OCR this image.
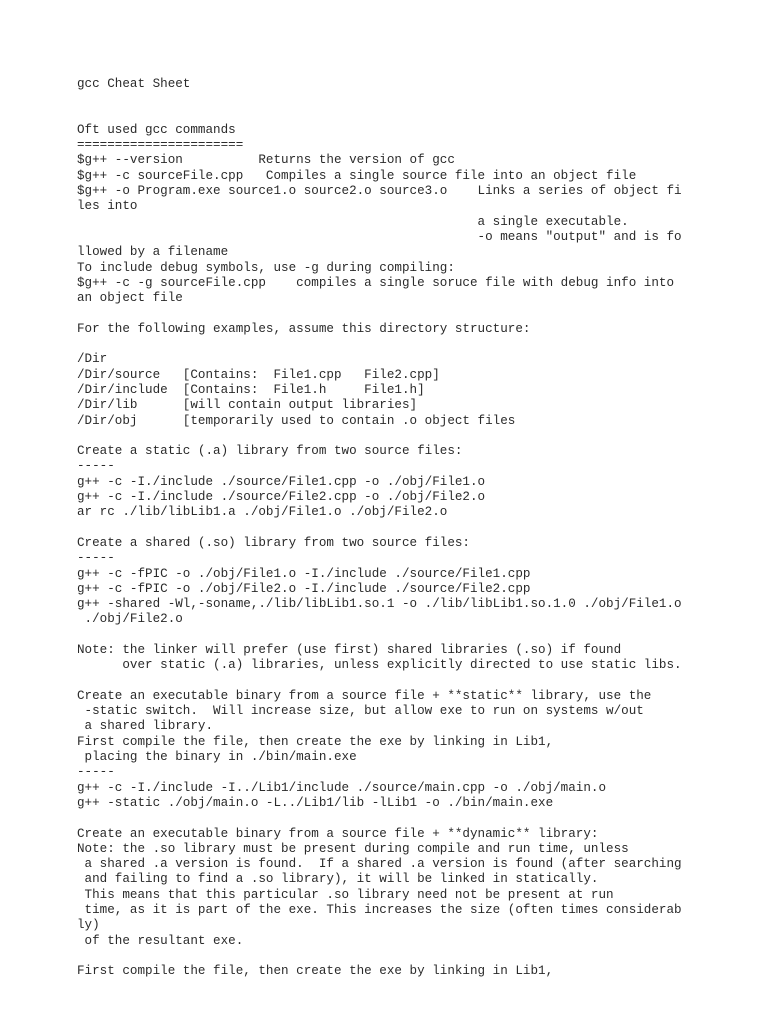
gcc Cheat Sheet
Oft used gcc commands
======================
$g++ --version          Returns the version of gcc
$g++ -c sourceFile.cpp   Compiles a single source file into an object file
$g++ -o Program.exe source1.o source2.o source3.o    Links a series of object fi
les into
a single executable.
-o means "output" and is fo
llowed by a filename
To include debug symbols, use -g during compiling:
$g++ -c -g sourceFile.cpp    compiles a single soruce file with debug info into
an object file
For the following examples, assume this directory structure:
/Dir
/Dir/source   [Contains:  File1.cpp   File2.cpp]
/Dir/include  [Contains:  File1.h     File1.h]
/Dir/lib      [will contain output libraries]
/Dir/obj      [temporarily used to contain .o object files
Create a static (.a) library from two source files:
-----
g++ -c -I./include ./source/File1.cpp -o ./obj/File1.o
g++ -c -I./include ./source/File2.cpp -o ./obj/File2.o
ar rc ./lib/libLib1.a ./obj/File1.o ./obj/File2.o
Create a shared (.so) library from two source files:
-----
g++ -c -fPIC -o ./obj/File1.o -I./include ./source/File1.cpp
g++ -c -fPIC -o ./obj/File2.o -I./include ./source/File2.cpp
g++ -shared -Wl,-soname,./lib/libLib1.so.1 -o ./lib/libLib1.so.1.0 ./obj/File1.o
./obj/File2.o
Note: the linker will prefer (use first) shared libraries (.so) if found
over static (.a) libraries, unless explicitly directed to use static libs.
Create an executable binary from a source file + **static** library, use the
-static switch.  Will increase size, but allow exe to run on systems w/out
a shared library.
First compile the file, then create the exe by linking in Lib1,
placing the binary in ./bin/main.exe
-----
g++ -c -I./include -I../Lib1/include ./source/main.cpp -o ./obj/main.o
g++ -static ./obj/main.o -L../Lib1/lib -lLib1 -o ./bin/main.exe
Create an executable binary from a source file + **dynamic** library:
Note: the .so library must be present during compile and run time, unless
a shared .a version is found.  If a shared .a version is found (after searching
and failing to find a .so library), it will be linked in statically.
This means that this particular .so library need not be present at run
time, as it is part of the exe. This increases the size (often times considerab
ly)
of the resultant exe.
First compile the file, then create the exe by linking in Lib1,
